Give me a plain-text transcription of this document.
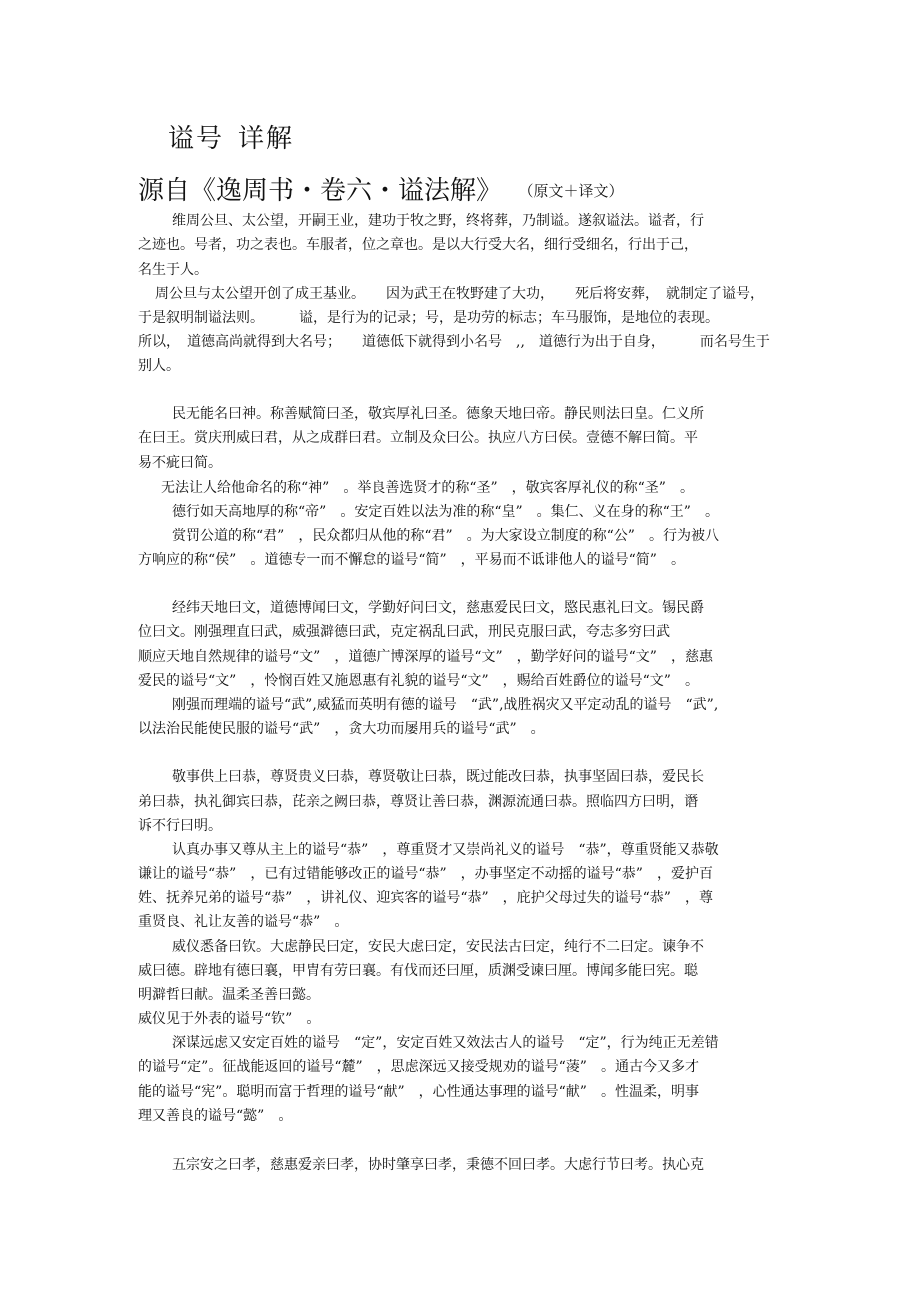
谥号 详解
源自《逸周书・卷六・谥法解》 （原文＋译文）
维周公旦、太公望，开嗣王业，建功于牧之野，终将葬，乃制谥。遂叙谥法。谥者，行
之迹也。号者，功之表也。车服者，位之章也。是以大行受大名，细行受细名，行出于己，
名生于人。
周公旦与太公望开创了成王基业。　　因为武王在牧野建了大功，　　死后将安葬，　就制定了谥号，
于是叙明制谥法则。　　　谥，是行为的记录；号，是功劳的标志；车马服饰，是地位的表现。
所以，　道德高尚就得到大名号；　　道德低下就得到小名号　,,　道德行为出于自身，　　　而名号生于
别人。
民无能名曰神。称善赋简曰圣，敬宾厚礼曰圣。德象天地曰帝。静民则法曰皇。仁义所
在曰王。赏庆刑威曰君，从之成群曰君。立制及众曰公。执应八方曰侯。壹德不解曰简。平
易不疵曰简。
无法让人给他命名的称“神”　。举良善选贤才的称“圣”　，敬宾客厚礼仪的称“圣”　。
德行如天高地厚的称“帝”　。安定百姓以法为准的称“皇”　。集仁、义在身的称“王”　。
赏罚公道的称“君”　，民众都归从他的称“君”　。为大家设立制度的称“公”　。行为被八
方响应的称“侯”　。道德专一而不懈怠的谥号“简”　，平易而不诋诽他人的谥号“简”　。
经纬天地曰文，道德博闻曰文，学勤好问曰文，慈惠爱民曰文，愍民惠礼曰文。锡民爵
位曰文。刚强理直曰武，威强澼德曰武，克定祸乱曰武，刑民克服曰武，夸志多穷曰武
顺应天地自然规律的谥号“文”　，道德广博深厚的谥号“文”　，勤学好问的谥号“文”　，慈惠
爱民的谥号“文”　，怜悯百姓又施恩惠有礼貌的谥号“文”　，赐给百姓爵位的谥号“文”　。
刚强而理端的谥号“武”,威猛而英明有德的谥号　“武”,战胜祸灾又平定动乱的谥号　“武”,
以法治民能使民服的谥号“武”　，贪大功而屡用兵的谥号“武”　。
敬事供上曰恭，尊贤贵义曰恭，尊贤敬让曰恭，既过能改曰恭，执事坚固曰恭，爱民长
弟曰恭，执礼御宾曰恭，芘亲之阙曰恭，尊贤让善曰恭，渊源流通曰恭。照临四方曰明，谮
诉不行曰明。
认真办事又尊从主上的谥号“恭”　，尊重贤才又崇尚礼义的谥号　“恭”，尊重贤能又恭敬
谦让的谥号“恭”　，已有过错能够改正的谥号“恭”　，办事坚定不动摇的谥号“恭”　，爱护百
姓、抚养兄弟的谥号“恭”　，讲礼仪、迎宾客的谥号“恭”　，庇护父母过失的谥号“恭”　，尊
重贤良、礼让友善的谥号“恭”　。
威仪悉备曰钦。大虑静民曰定，安民大虑曰定，安民法古曰定，纯行不二曰定。谏争不
威曰德。辟地有德曰襄，甲胄有劳曰襄。有伐而还曰厘，质渊受谏曰厘。博闻多能曰宪。聪
明澼哲曰献。温柔圣善曰懿。
威仪见于外表的谥号“钦”　。
深谋远虑又安定百姓的谥号　“定”，安定百姓又效法古人的谥号　“定”，行为纯正无差错
的谥号“定”。征战能返回的谥号“麓”　，思虑深远又接受规劝的谥号“蓤”　。通古今又多才
能的谥号“宪”。聪明而富于哲理的谥号“献”　，心性通达事理的谥号“献”　。性温柔，明事
理又善良的谥号“懿”　。
五宗安之曰孝，慈惠爱亲曰孝，协时肇享曰孝，秉德不回曰孝。大虑行节曰考。执心克
